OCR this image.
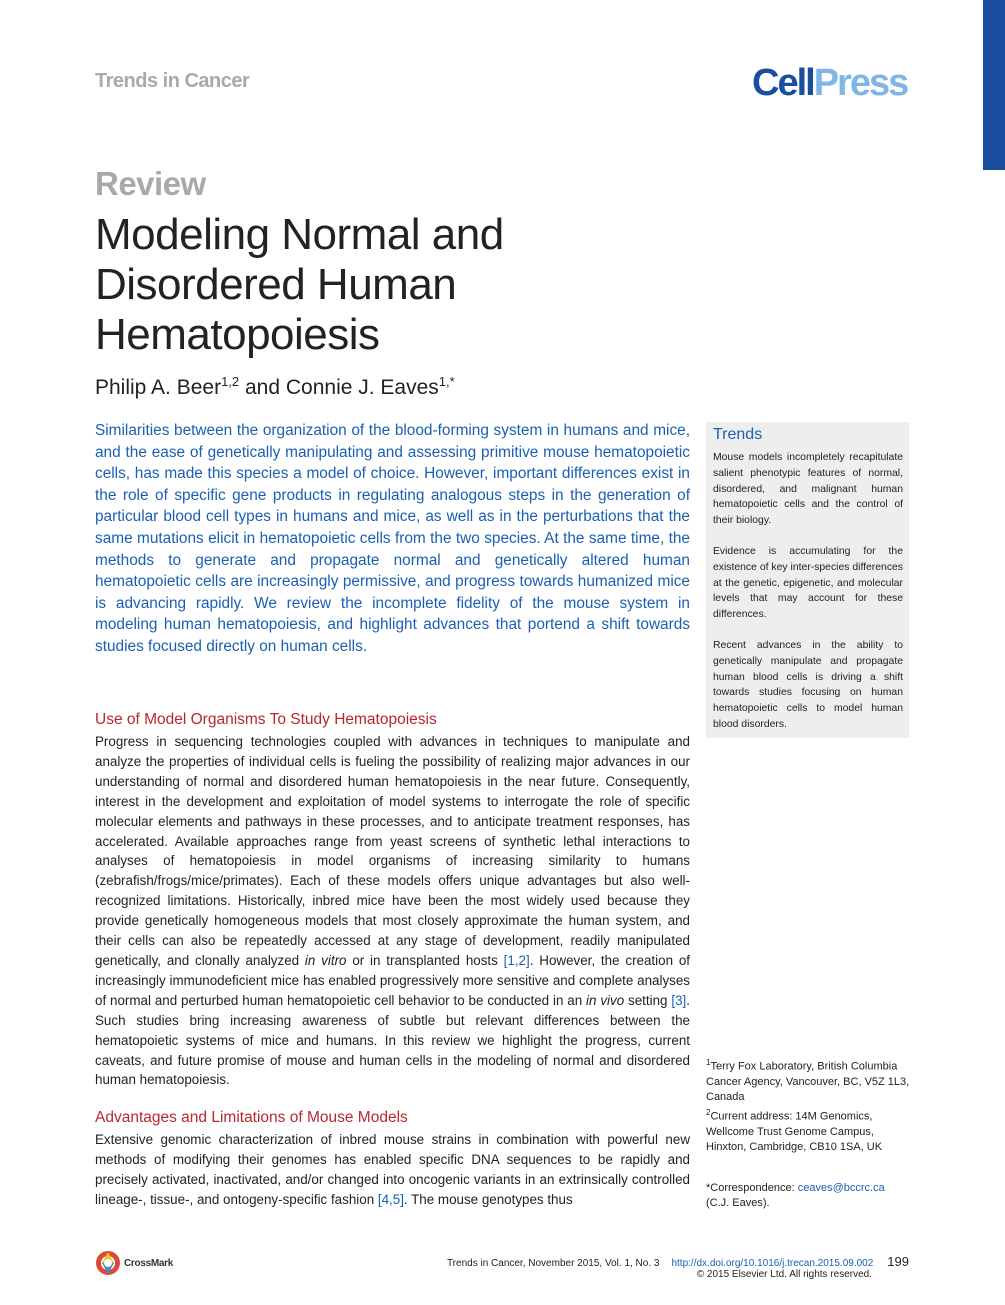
Trends in Cancer	CellPress
Review
Modeling Normal and Disordered Human Hematopoiesis
Philip A. Beer$^{1,2}$ and Connie J. Eaves$^{1,*}$

Similarities between the organization of the blood-forming system in humans and mice, and the ease of genetically manipulating and assessing primitive mouse hematopoietic cells, has made this species a model of choice. However, important differences exist in the role of specific gene products in regulating analogous steps in the generation of particular blood cell types in humans and mice, as well as in the perturbations that the same mutations elicit in hematopoietic cells from the two species. At the same time, the methods to generate and propagate normal and genetically altered human hematopoietic cells are increasingly permissive, and progress towards humanized mice is advancing rapidly. We review the incomplete fidelity of the mouse system in modeling human hematopoiesis, and highlight advances that portend a shift towards studies focused directly on human cells.

Use of Model Organisms To Study Hematopoiesis

Progress in sequencing technologies coupled with advances in techniques to manipulate and analyze the properties of individual cells is fueling the possibility of realizing major advances in our understanding of normal and disordered human hematopoiesis in the near future. Consequently, interest in the development and exploitation of model systems to interrogate the role of specific molecular elements and pathways in these processes, and to anticipate treatment responses, has accelerated. Available approaches range from yeast screens of synthetic lethal interactions to analyses of hematopoiesis in model organisms of increasing similarity to humans (zebrafish/frogs/mice/primates). Each of these models offers unique advantages but also well-recognized limitations. Historically, inbred mice have been the most widely used because they provide genetically homogeneous models that most closely approximate the human system, and their cells can also be repeatedly accessed at any stage of development, readily manipulated genetically, and clonally analyzed in vitro or in transplanted hosts [1,2]. However, the creation of increasingly immunodeficient mice has enabled progressively more sensitive and complete analyses of normal and perturbed human hematopoietic cell behavior to be conducted in an in vivo setting [3]. Such studies bring increasing awareness of subtle but relevant differences between the hematopoietic systems of mice and humans. In this review we highlight the progress, current caveats, and future promise of mouse and human cells in the modeling of normal and disordered human hematopoiesis.

Advantages and Limitations of Mouse Models

Extensive genomic characterization of inbred mouse strains in combination with powerful new methods of modifying their genomes has enabled specific DNA sequences to be rapidly and precisely activated, inactivated, and/or changed into oncogenic variants in an extrinsically controlled lineage-, tissue-, and ontogeny-specific fashion [4,5]. The mouse genotypes thus

Trends

Mouse models incompletely recapitulate salient phenotypic features of normal, disordered, and malignant human hematopoietic cells and the control of their biology.

Evidence is accumulating for the existence of key inter-species differences at the genetic, epigenetic, and molecular levels that may account for these differences.

Recent advances in the ability to genetically manipulate and propagate human blood cells is driving a shift towards studies focusing on human hematopoietic cells to model human blood disorders.

$^1$Terry Fox Laboratory, British Columbia Cancer Agency, Vancouver, BC, V5Z 1L3, Canada

$^2$Current address: 14M Genomics, Wellcome Trust Genome Campus, Hinxton, Cambridge, CB10 1SA, UK

*Correspondence: ceaves@bccrc.ca
(C.J. Eaves).
CrossMark	Trends in Cancer, November 2015, Vol. 1, No. 3 http://dx.doi.org/10.1016/j.trecan.2015.09.002 199
© 2015 Elsevier Ltd. All rights reserved.
